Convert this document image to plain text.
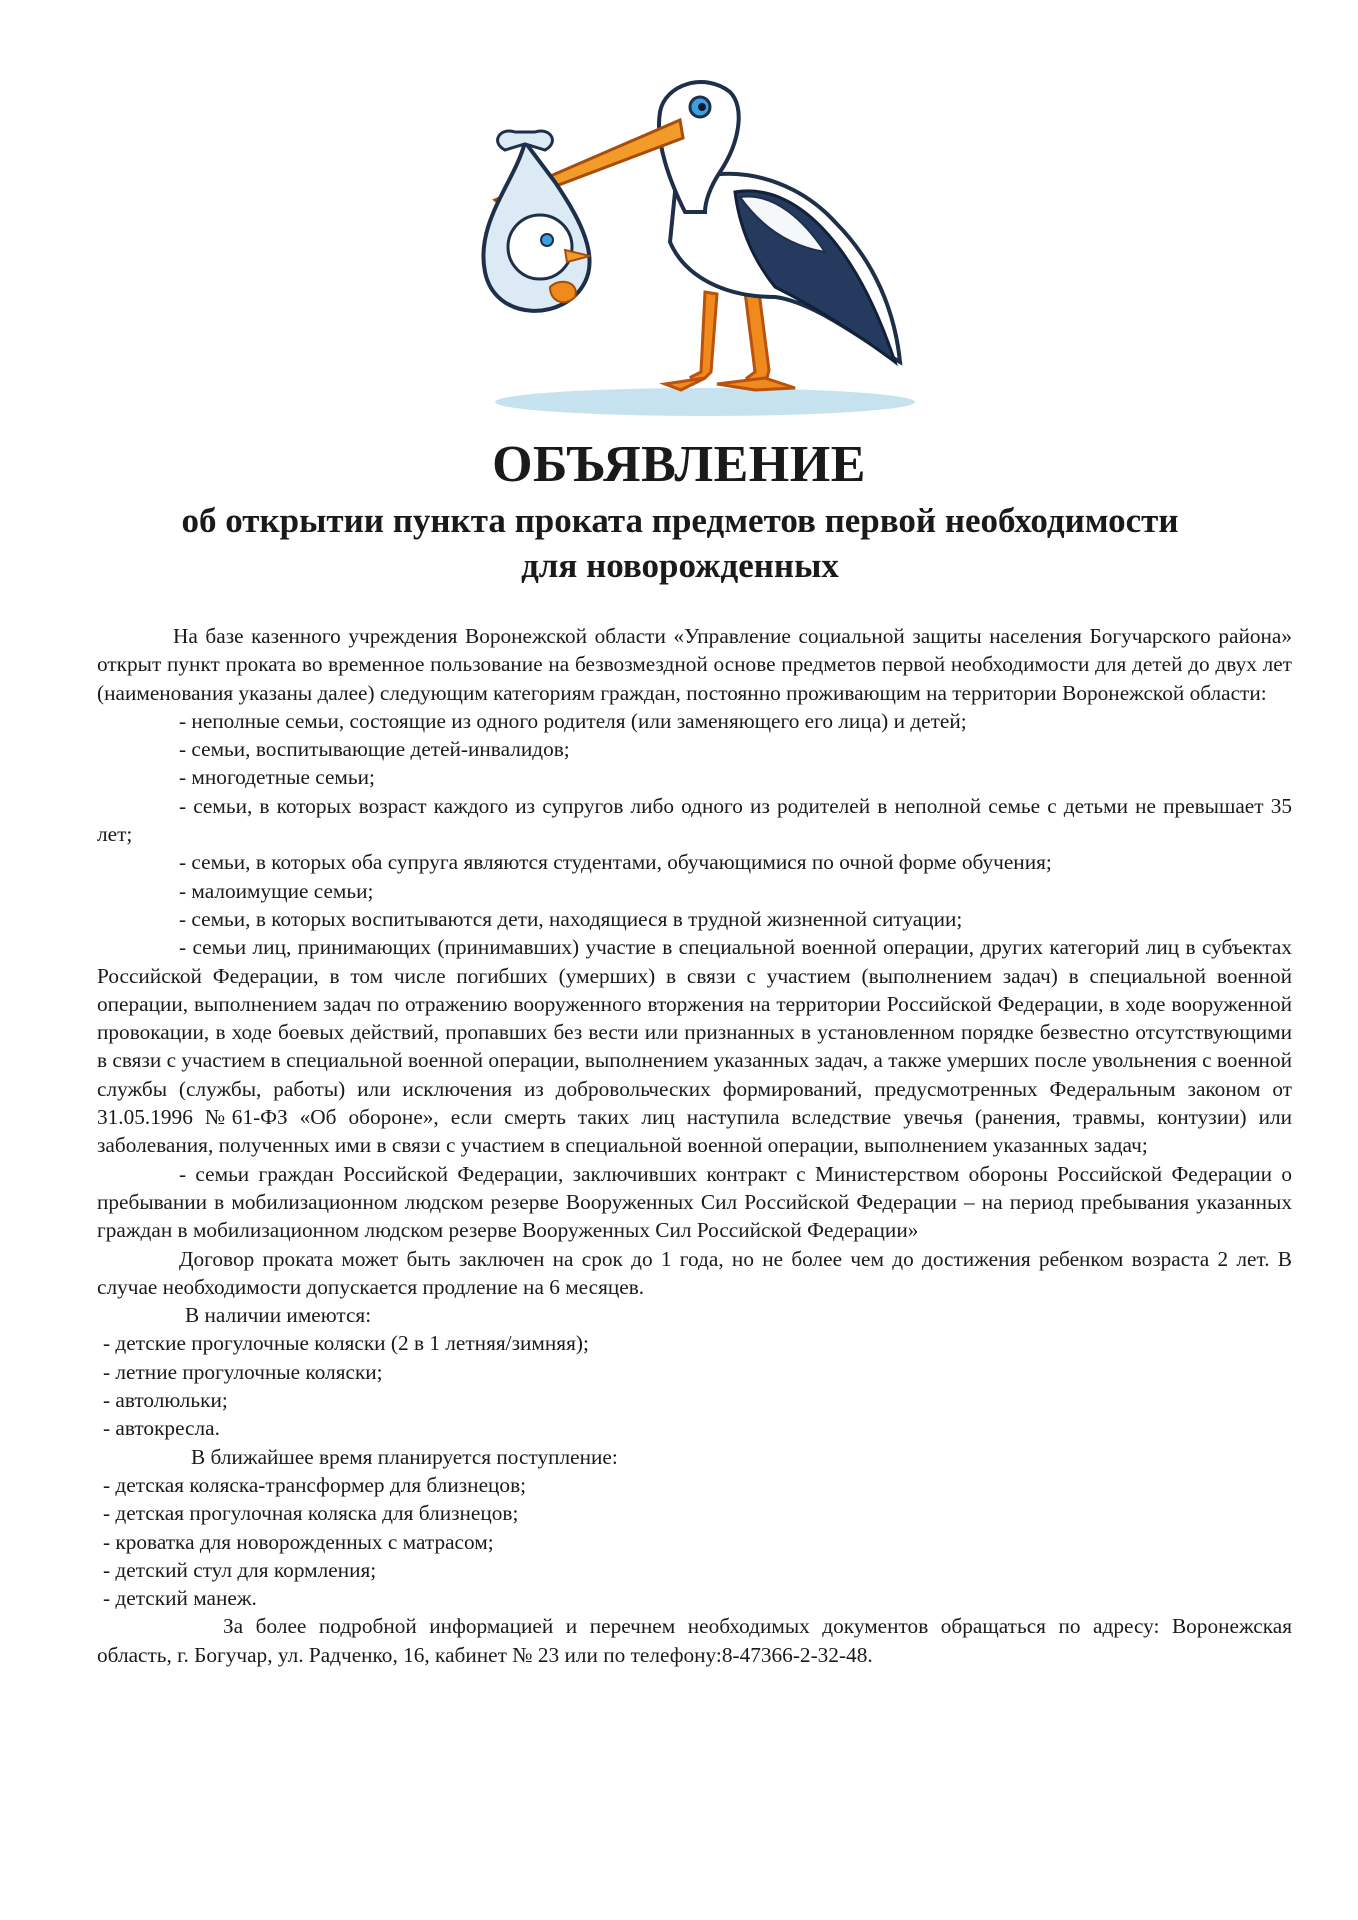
ОБЪЯВЛЕНИЕ
об открытии пункта проката предметов первой необходимости
для новорожденных

На базе казенного учреждения Воронежской области «Управление социальной защиты населения Богучарского района» открыт пункт проката во временное пользование на безвозмездной основе предметов первой необходимости для детей до двух лет (наименования указаны далее) следующим категориям граждан, постоянно проживающим на территории Воронежской области:

- неполные семьи, состоящие из одного родителя (или заменяющего его лица) и детей;

- семьи, воспитывающие детей-инвалидов;

- многодетные семьи;

- семьи, в которых возраст каждого из супругов либо одного из родителей в неполной семье с детьми не превышает 35 лет;

- семьи, в которых оба супруга являются студентами, обучающимися по очной форме обучения;

- малоимущие семьи;

- семьи, в которых воспитываются дети, находящиеся в трудной жизненной ситуации;

- семьи лиц, принимающих (принимавших) участие в специальной военной операции, других категорий лиц в субъектах Российской Федерации, в том числе погибших (умерших) в связи с участием (выполнением задач) в специальной военной операции, выполнением задач по отражению вооруженного вторжения на территории Российской Федерации, в ходе вооруженной провокации, в ходе боевых действий, пропавших без вести или признанных в установленном порядке безвестно отсутствующими в связи с участием в специальной военной операции, выполнением указанных задач, а также умерших после увольнения с военной службы (службы, работы) или исключения из добровольческих формирований, предусмотренных Федеральным законом от 31.05.1996 №61-ФЗ «Об обороне», если смерть таких лиц наступила вследствие увечья (ранения, травмы, контузии) или заболевания, полученных ими в связи с участием в специальной военной операции, выполнением указанных задач;

- семьи граждан Российской Федерации, заключивших контракт с Министерством обороны Российской Федерации о пребывании в мобилизационном людском резерве Вооруженных Сил Российской Федерации – на период пребывания указанных граждан в мобилизационном людском резерве Вооруженных Сил Российской Федерации»

Договор проката может быть заключен на срок до 1 года, но не более чем до достижения ребенком возраста 2 лет. В случае необходимости допускается продление на 6 месяцев.

В наличии имеются:

- детские прогулочные коляски (2 в 1 летняя/зимняя);

- летние прогулочные коляски;

- автолюльки;

- автокресла.

В ближайшее время планируется поступление:

- детская коляска-трансформер для близнецов;

- детская прогулочная коляска для близнецов;

- кроватка для новорожденных с матрасом;

- детский стул для кормления;

- детский манеж.

За более подробной информацией и перечнем необходимых документов обращаться по адресу: Воронежская область, г. Богучар, ул. Радченко, 16, кабинет № 23 или по телефону:8-47366-2-32-48.
